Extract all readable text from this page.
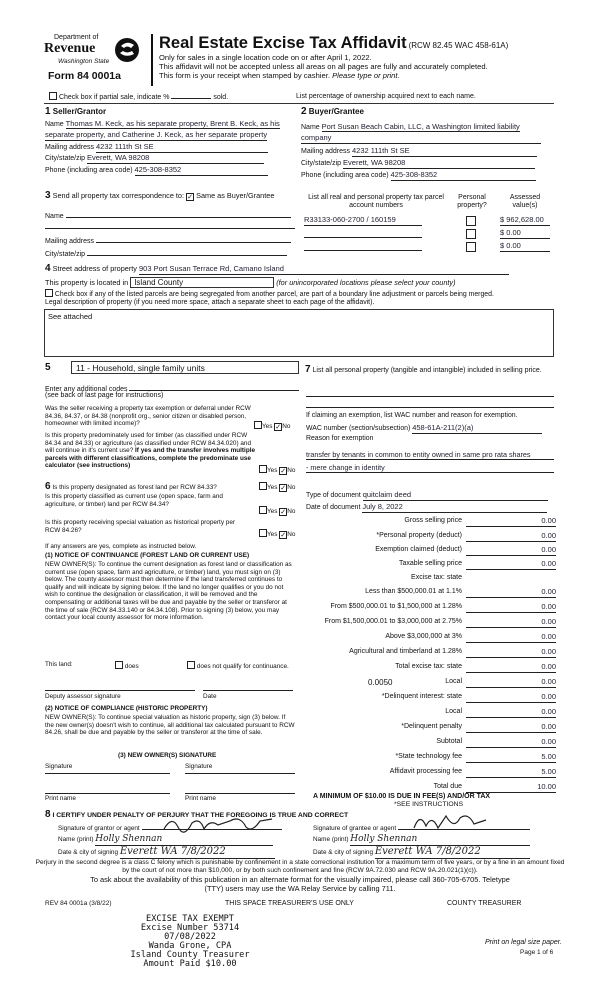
Department of
Revenue
Washington State
Form 84 0001a
Real Estate Excise Tax Affidavit (RCW 82.45 WAC 458-61A)
Only for sales in a single location code on or after April 1, 2022.
This affidavit will not be accepted unless all areas on all pages are fully and accurately completed.
This form is your receipt when stamped by cashier. Please type or print.
Check box if partial sale, indicate %	sold.	List percentage of ownership acquired next to each name.
1 Seller/Grantor
Name Thomas M. Keck, as his separate property, Brent B. Keck, as his
separate property, and Catherine J. Keck, as her separate property
Mailing address 4232 111th St SE
City/state/zip Everett, WA 98208
Phone (including area code) 425-308-8352
2 Buyer/Grantee
Name Port Susan Beach Cabin, LLC, a Washington limited liability
company
Mailing address 4232 111th St SE
City/state/zip Everett, WA 98208
Phone (including area code) 425-308-8352
3 Send all property tax correspondence to: ✓ Same as Buyer/Grantee
Name
Mailing address
City/state/zip
List all real and personal property tax parcel account numbers
Personal property?
Assessed value(s)
R33133-060-2700 / 160159	$ 962,628.00
$ 0.00
$ 0.00
4 Street address of property 903 Port Susan Terrace Rd, Camano Island
This property is located in Island County	(for unincorporated locations please select your county)
Check box if any of the listed parcels are being segregated from another parcel, are part of a boundary line adjustment or parcels being merged.
Legal description of property (if you need more space, attach a separate sheet to each page of the affidavit).
See attached
5	11 - Household, single family units
Enter any additional codes
(see back of last page for instructions)
Was the seller receiving a property tax exemption or deferral under RCW 84.36, 84.37, or 84.38 (nonprofit org., senior citizen or disabled person, homeowner with limited income)?	Yes ✓No
Is this property predominately used for timber (as classified under RCW 84.34 and 84.33) or agriculture (as classified under RCW 84.34.020) and will continue in it's current use? If yes and the transfer involves multiple parcels with different classifications, complete the predominate use calculator (see instructions)
Yes ✓No
6 Is this property designated as forest land per RCW 84.33?	Yes ✓No
Is this property classified as current use (open space, farm and agriculture, or timber) land per RCW 84.34?
Yes ✓No
Is this property receiving special valuation as historical property per RCW 84.26?
Yes ✓No
If any answers are yes, complete as instructed below.
(1) NOTICE OF CONTINUANCE (FOREST LAND OR CURRENT USE)
NEW OWNER(S): To continue the current designation as forest land or classification as current use (open space, farm and agriculture, or timber) land, you must sign on (3) below. The county assessor must then determine if the land transferred continues to qualify and will indicate by signing below. If the land no longer qualifies or you do not wish to continue the designation or classification, it will be removed and the compensating or additional taxes will be due and payable by the seller or transferor at the time of sale (RCW 84.33.140 or 84.34.108). Prior to signing (3) below, you may contact your local county assessor for more information.
This land:	does	does not qualify for continuance.
Deputy assessor signature	Date
(2) NOTICE OF COMPLIANCE (HISTORIC PROPERTY)
NEW OWNER(S): To continue special valuation as historic property, sign (3) below. If the new owner(s) doesn't wish to continue, all additional tax calculated pursuant to RCW 84.26, shall be due and payable by the seller or transferor at the time of sale.
(3) NEW OWNER(S) SIGNATURE
Signature	Signature
Print name	Print name
7 List all personal property (tangible and intangible) included in selling price.
If claiming an exemption, list WAC number and reason for exemption.
WAC number (section/subsection) 458-61A-211(2)(a)
Reason for exemption
transfer by tenants in common to entity owned in same pro rata shares
- mere change in identity
Type of document quitclaim deed
Date of document July 8, 2022
Gross selling price	0.00
*Personal property (deduct)	0.00
Exemption claimed (deduct)	0.00
Taxable selling price	0.00
Excise tax: state
Less than $500,000.01 at 1.1%	0.00
From $500,000.01 to $1,500,000 at 1.28%	0.00
From $1,500,000.01 to $3,000,000 at 2.75%	0.00
Above $3,000,000 at 3%	0.00
Agricultural and timberland at 1.28%	0.00
Total excise tax: state	0.00
0.0050	Local	0.00
*Delinquent interest: state	0.00
Local	0.00
*Delinquent penalty	0.00
Subtotal	0.00
*State technology fee	5.00
Affidavit processing fee	5.00
Total due	10.00
A MINIMUM OF $10.00 IS DUE IN FEE(S) AND/OR TAX
*SEE INSTRUCTIONS
8 I CERTIFY UNDER PENALTY OF PERJURY THAT THE FOREGOING IS TRUE AND CORRECT
Signature of grantor or agent
Name (print) Holly Shennan
Date & city of signing Everett WA 7/8/2022
Signature of grantee or agent
Name (print) Holly Shennan
Date & city of signing Everett WA 7/8/2022
Perjury in the second degree is a class C felony which is punishable by confinement in a state correctional institution for a maximum term of five years, or by a fine in an amount fixed by the court of not more than $10,000, or by both such confinement and fine (RCW 9A.72.030 and RCW 9A.20.021(1)(c)).
To ask about the availability of this publication in an alternate format for the visually impaired, please call 360-705-6705. Teletype
(TTY) users may use the WA Relay Service by calling 711.
REV 84 0001a (3/8/22)	THIS SPACE TREASURER'S USE ONLY	COUNTY TREASURER
EXCISE TAX EXEMPT
Excise Number 53714
07/08/2022
Wanda Grone, CPA
Island County Treasurer
Amount Paid $10.00
Print on legal size paper.
Page 1 of 6
